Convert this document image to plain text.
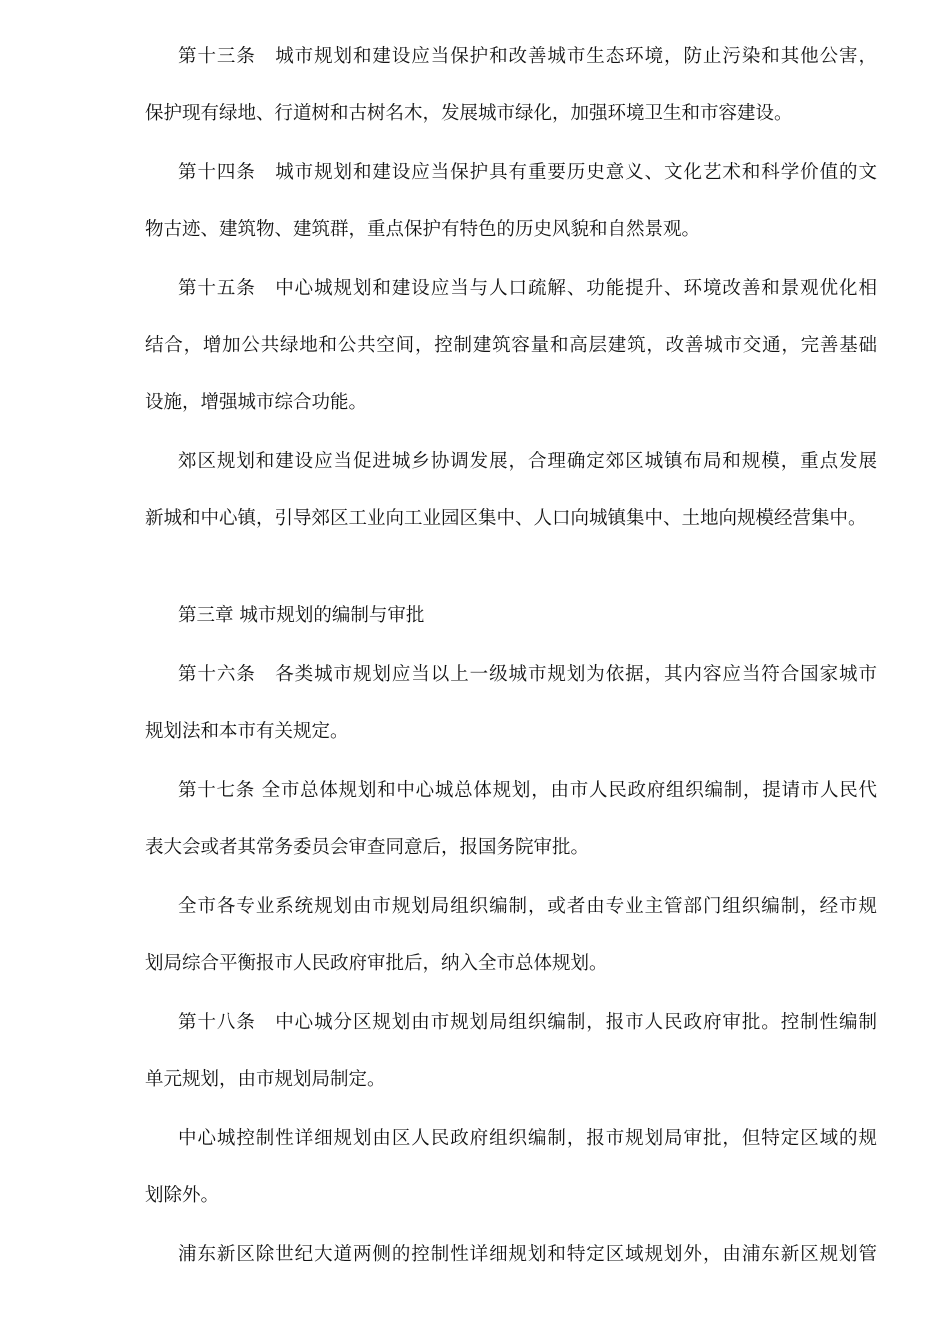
第十三条　城市规划和建设应当保护和改善城市生态环境，防止污染和其他公害，

保护现有绿地、行道树和古树名木，发展城市绿化，加强环境卫生和市容建设。

第十四条　城市规划和建设应当保护具有重要历史意义、文化艺术和科学价值的文

物古迹、建筑物、建筑群，重点保护有特色的历史风貌和自然景观。

第十五条　中心城规划和建设应当与人口疏解、功能提升、环境改善和景观优化相

结合，增加公共绿地和公共空间，控制建筑容量和高层建筑，改善城市交通，完善基础

设施，增强城市综合功能。

郊区规划和建设应当促进城乡协调发展，合理确定郊区城镇布局和规模，重点发展

新城和中心镇，引导郊区工业向工业园区集中、人口向城镇集中、土地向规模经营集中。

第三章 城市规划的编制与审批

第十六条　各类城市规划应当以上一级城市规划为依据，其内容应当符合国家城市

规划法和本市有关规定。

第十七条 全市总体规划和中心城总体规划，由市人民政府组织编制，提请市人民代

表大会或者其常务委员会审查同意后，报国务院审批。

全市各专业系统规划由市规划局组织编制，或者由专业主管部门组织编制，经市规

划局综合平衡报市人民政府审批后，纳入全市总体规划。

第十八条　中心城分区规划由市规划局组织编制，报市人民政府审批。控制性编制

单元规划，由市规划局制定。

中心城控制性详细规划由区人民政府组织编制，报市规划局审批，但特定区域的规

划除外。

浦东新区除世纪大道两侧的控制性详细规划和特定区域规划外，由浦东新区规划管
